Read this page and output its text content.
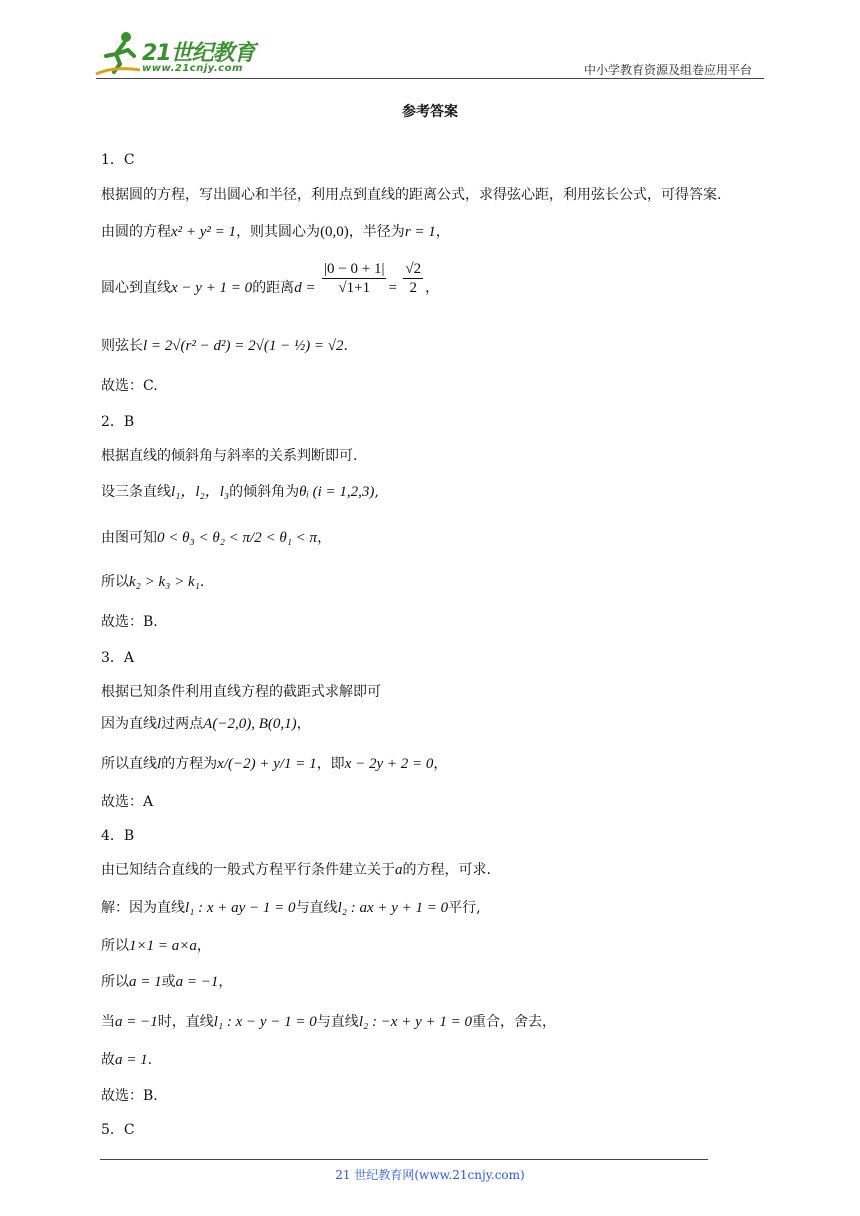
21世纪教育
www.21cnjy.com	中小学教育资源及组卷应用平台
参考答案
1．C
根据圆的方程，写出圆心和半径，利用点到直线的距离公式，求得弦心距，利用弦长公式，可得答案.
由圆的方程x² + y² = 1，则其圆心为(0,0)，半径为r = 1，
圆心到直线x − y + 1 = 0的距离$d = \frac{|0 - 0 + 1|}{√1+1} = \frac{√2}{2}$ ，
则弦长l = 2√(r² − d²) = 2√(1 − ½) = √2.
故选：C.
2．B
根据直线的倾斜角与斜率的关系判断即可.
设三条直线l₁，l₂，l₃的倾斜角为θᵢ (i = 1,2,3),
由图可知0 < θ₃ < θ₂ < π/2 < θ₁ < π，
所以k₂ > k₃ > k₁.
故选：B.
3．A
根据已知条件利用直线方程的截距式求解即可
因为直线l过两点A(−2,0), B(0,1)，
所以直线l的方程为x/(−2) + y/1 = 1，即x − 2y + 2 = 0，
故选：A
4．B
由已知结合直线的一般式方程平行条件建立关于a的方程，可求.
解：因为直线l₁ : x + ay − 1 = 0与直线l₂ : ax + y + 1 = 0平行,
所以1×1 = a×a，
所以a = 1或a = −1，
当a = −1时，直线l₁ : x − y − 1 = 0与直线l₂ : −x + y + 1 = 0重合，舍去，
故a = 1.
故选：B.
5．C
21 世纪教育网(www.21cnjy.com)
